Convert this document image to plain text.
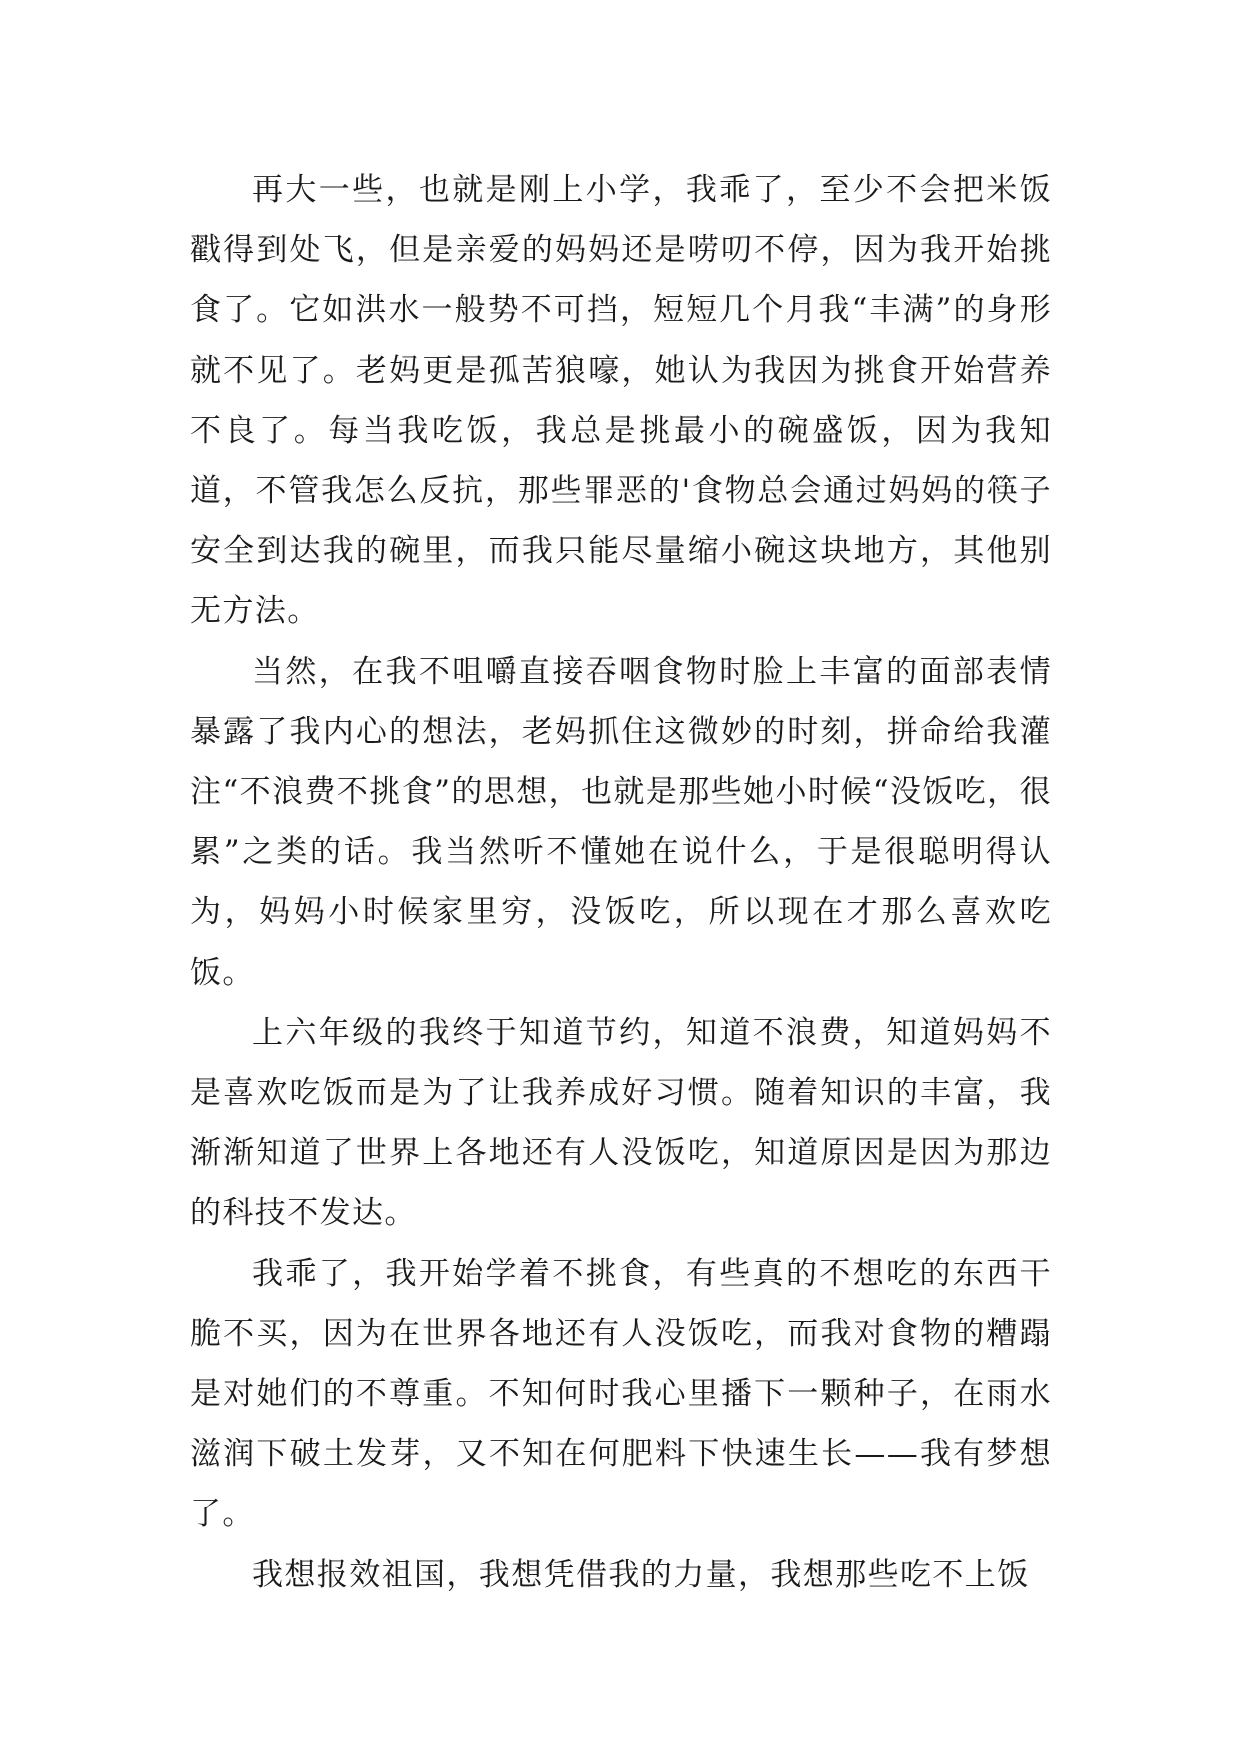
再大一些，也就是刚上小学，我乖了，至少不会把米饭戳得到处飞，但是亲爱的妈妈还是唠叨不停，因为我开始挑食了。它如洪水一般势不可挡，短短几个月我“丰满”的身形就不见了。老妈更是孤苦狼嚎，她认为我因为挑食开始营养不良了。每当我吃饭，我总是挑最小的碗盛饭，因为我知道，不管我怎么反抗，那些罪恶的'食物总会通过妈妈的筷子安全到达我的碗里，而我只能尽量缩小碗这块地方，其他别无方法。

当然，在我不咀嚼直接吞咽食物时脸上丰富的面部表情暴露了我内心的想法，老妈抓住这微妙的时刻，拼命给我灌注“不浪费不挑食”的思想，也就是那些她小时候“没饭吃，很累”之类的话。我当然听不懂她在说什么，于是很聪明得认为，妈妈小时候家里穷，没饭吃，所以现在才那么喜欢吃饭。

上六年级的我终于知道节约，知道不浪费，知道妈妈不是喜欢吃饭而是为了让我养成好习惯。随着知识的丰富，我渐渐知道了世界上各地还有人没饭吃，知道原因是因为那边的科技不发达。

我乖了，我开始学着不挑食，有些真的不想吃的东西干脆不买，因为在世界各地还有人没饭吃，而我对食物的糟蹋是对她们的不尊重。不知何时我心里播下一颗种子，在雨水滋润下破土发芽，又不知在何肥料下快速生长——我有梦想了。

我想报效祖国，我想凭借我的力量，我想那些吃不上饭
